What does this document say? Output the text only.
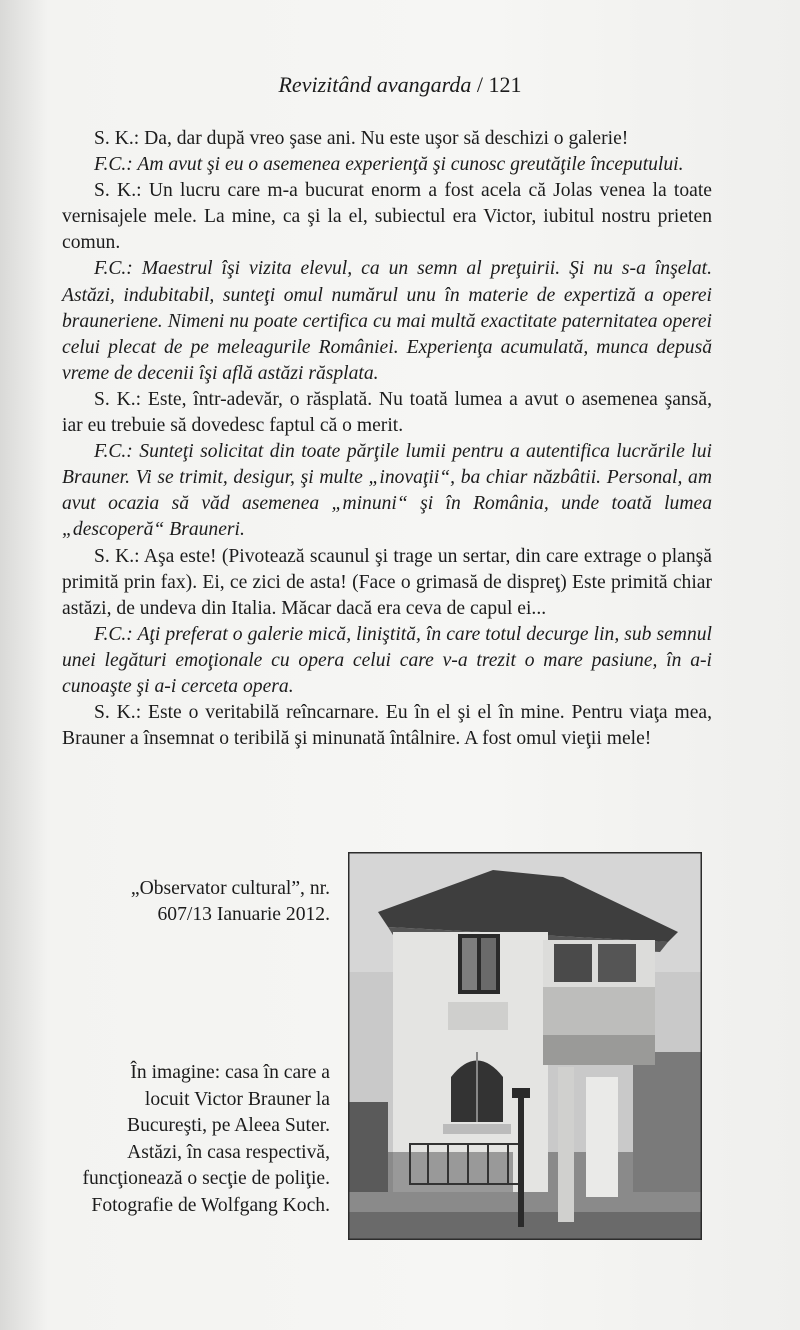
Revizitând avangarda / 121

S. K.: Da, dar după vreo şase ani. Nu este uşor să deschizi o galerie!

F.C.: Am avut şi eu o asemenea experienţă şi cunosc greutăţile începutului.

S. K.: Un lucru care m-a bucurat enorm a fost acela că Jolas venea la toate vernisajele mele. La mine, ca şi la el, subiectul era Victor, iubitul nostru prieten comun.

F.C.: Maestrul îşi vizita elevul, ca un semn al preţuirii. Şi nu s-a înşelat. Astăzi, indubitabil, sunteţi omul numărul unu în materie de expertiză a operei brauneriene. Nimeni nu poate certifica cu mai multă exactitate paternitatea operei celui plecat de pe meleagurile României. Experienţa acumulată, munca depusă vreme de decenii îşi află astăzi răsplata.

S. K.: Este, într-adevăr, o răsplată. Nu toată lumea a avut o asemenea şansă, iar eu trebuie să dovedesc faptul că o merit.

F.C.: Sunteţi solicitat din toate părţile lumii pentru a autentifica lucrările lui Brauner. Vi se trimit, desigur, şi multe „inovaţii“, ba chiar năzbâtii. Personal, am avut ocazia să văd asemenea „minuni“ şi în România, unde toată lumea „descoperă“ Brauneri.

S. K.: Aşa este! (Pivotează scaunul şi trage un sertar, din care extrage o planşă primită prin fax). Ei, ce zici de asta! (Face o grimasă de dispreţ) Este primită chiar astăzi, de undeva din Italia. Măcar dacă era ceva de capul ei...

F.C.: Aţi preferat o galerie mică, liniştită, în care totul decurge lin, sub semnul unei legături emoţionale cu opera celui care v-a trezit o mare pasiune, în a-i cunoaşte şi a-i cerceta opera.

S. K.: Este o veritabilă reîncarnare. Eu în el şi el în mine. Pentru viaţa mea, Brauner a însemnat o teribilă şi minunată întâlnire. A fost omul vieţii mele!

„Observator cultural”, nr.
607/13 Ianuarie 2012.
În imagine: casa în care a
locuit Victor Brauner la
Bucureşti, pe Aleea Suter.
Astăzi, în casa respectivă,
funcţionează o secţie de poliţie.
Fotografie de Wolfgang Koch.
